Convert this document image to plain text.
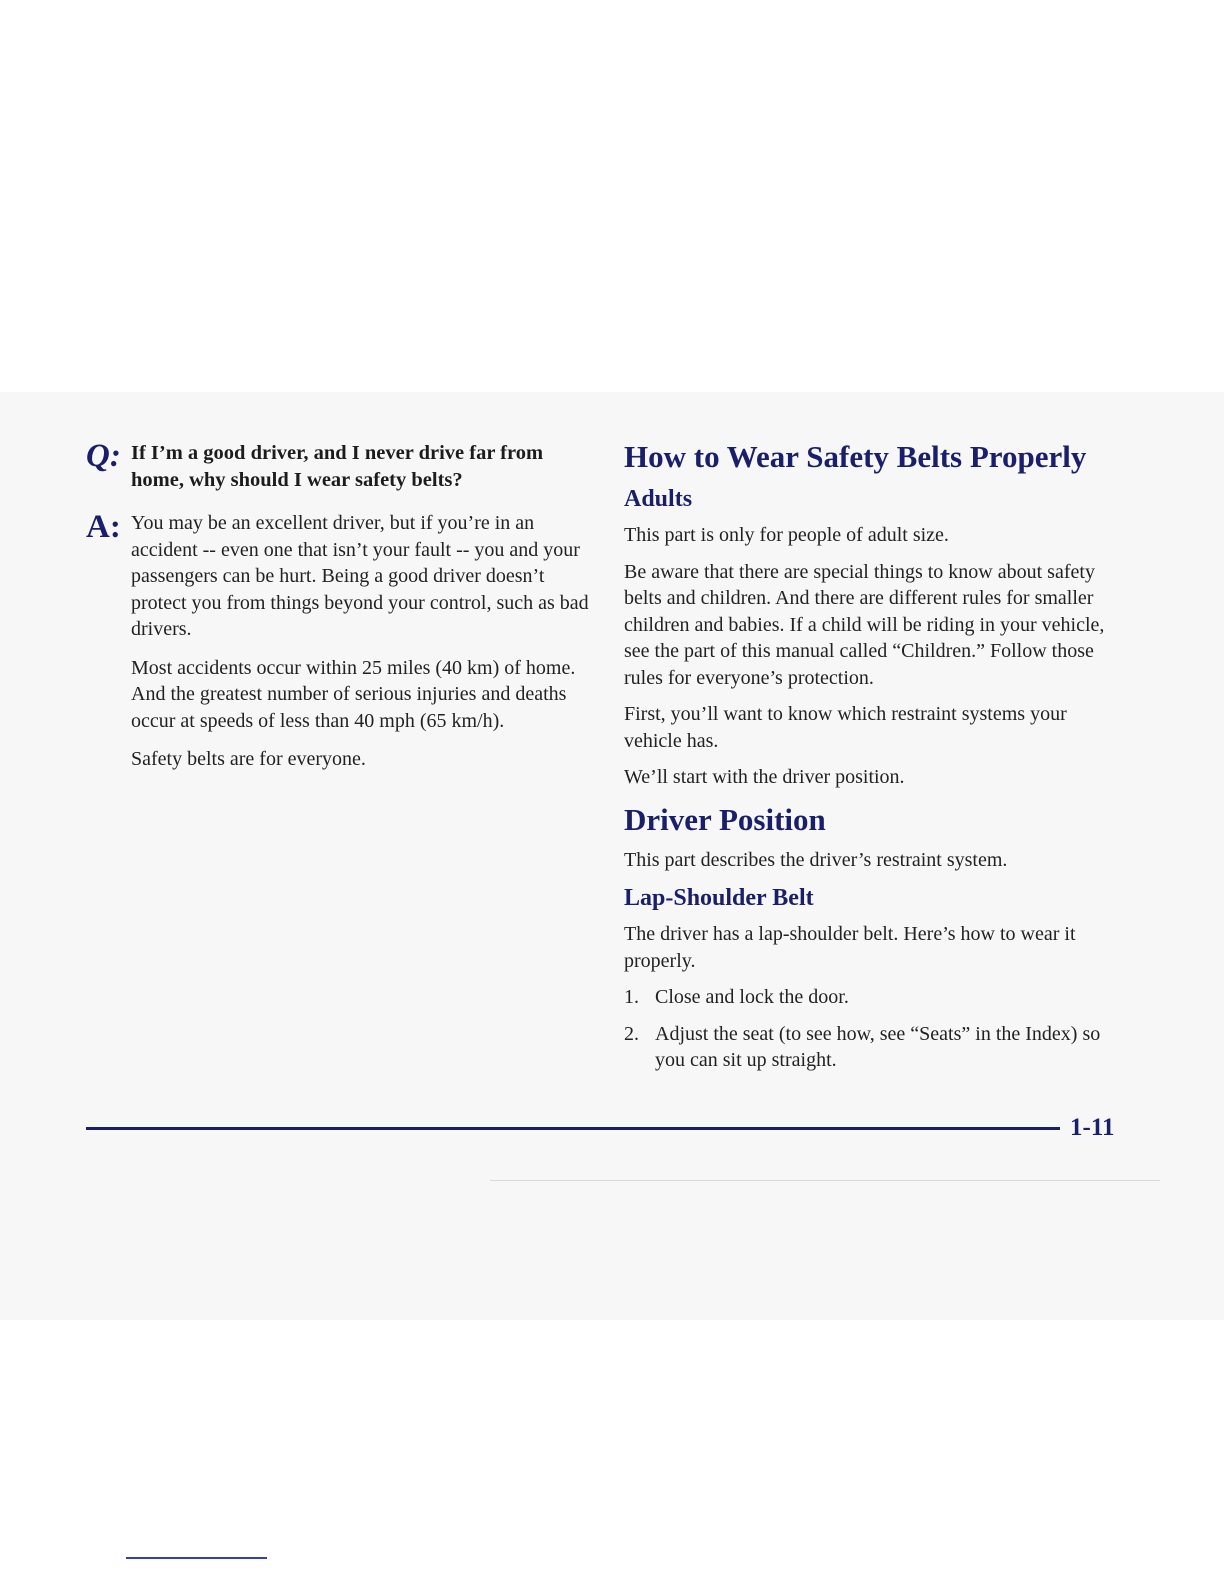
Q: If I’m a good driver, and I never drive far from home, why should I wear safety belts?
A: You may be an excellent driver, but if you’re in an accident -- even one that isn’t your fault -- you and your passengers can be hurt. Being a good driver doesn’t protect you from things beyond your control, such as bad drivers.

Most accidents occur within 25 miles (40 km) of home. And the greatest number of serious injuries and deaths occur at speeds of less than 40 mph (65 km/h).

Safety belts are for everyone.

How to Wear Safety Belts Properly
Adults

This part is only for people of adult size.

Be aware that there are special things to know about safety belts and children. And there are different rules for smaller children and babies. If a child will be riding in your vehicle, see the part of this manual called “Children.” Follow those rules for everyone’s protection.

First, you’ll want to know which restraint systems your vehicle has.

We’ll start with the driver position.

Driver Position

This part describes the driver’s restraint system.

Lap-Shoulder Belt

The driver has a lap-shoulder belt. Here’s how to wear it properly.

1. Close and lock the door.
2. Adjust the seat (to see how, see “Seats” in the Index) so you can sit up straight.
1-11
